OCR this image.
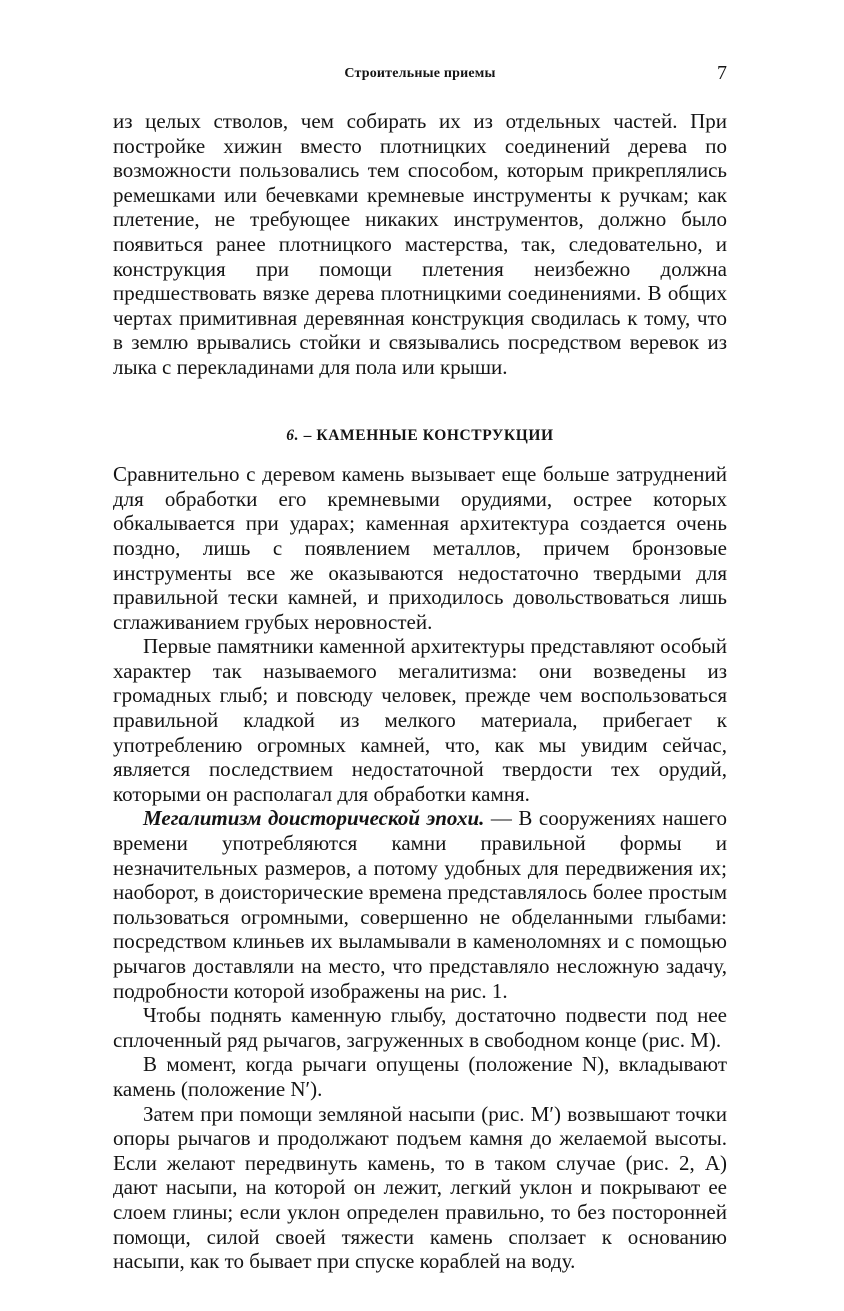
Строительные приемы	7

из целых стволов, чем собирать их из отдельных частей. При постройке хижин вместо плотницких соединений дерева по возможности пользовались тем способом, которым прикреплялись ремешками или бечевками кремневые инструменты к ручкам; как плетение, не требующее никаких инструментов, должно было появиться ранее плотницкого мастерства, так, следовательно, и конструкция при помощи плетения неизбежно должна предшествовать вязке дерева плотницкими соединениями. В общих чертах примитивная деревянная конструкция сводилась к тому, что в землю врывались стойки и связывались посредством веревок из лыка с перекладинами для пола или крыши.

6. – КАМЕННЫЕ КОНСТРУКЦИИ

Сравнительно с деревом камень вызывает еще больше затруднений для обработки его кремневыми орудиями, острее которых обкалывается при ударах; каменная архитектура создается очень поздно, лишь с появлением металлов, причем бронзовые инструменты все же оказываются недостаточно твердыми для правильной тески камней, и приходилось довольствоваться лишь сглаживанием грубых неровностей.

Первые памятники каменной архитектуры представляют особый характер так называемого мегалитизма: они возведены из громадных глыб; и повсюду человек, прежде чем воспользоваться правильной кладкой из мелкого материала, прибегает к употреблению огромных камней, что, как мы увидим сейчас, является последствием недостаточной твердости тех орудий, которыми он располагал для обработки камня.

Мегалитизм доисторической эпохи. — В сооружениях нашего времени употребляются камни правильной формы и незначительных размеров, а потому удобных для передвижения их; наоборот, в доисторические времена представлялось более простым пользоваться огромными, совершенно не обделанными глыбами: посредством клиньев их выламывали в каменоломнях и с помощью рычагов доставляли на место, что представляло несложную задачу, подробности которой изображены на рис. 1.

Чтобы поднять каменную глыбу, достаточно подвести под нее сплоченный ряд рычагов, загруженных в свободном конце (рис. M).

В момент, когда рычаги опущены (положение N), вкладывают камень (положение N′).

Затем при помощи земляной насыпи (рис. M′) возвышают точки опоры рычагов и продолжают подъем камня до желаемой высоты. Если желают передвинуть камень, то в таком случае (рис. 2, A) дают насыпи, на которой он лежит, легкий уклон и покрывают ее слоем глины; если уклон определен правильно, то без посторонней помощи, силой своей тяжести камень сползает к основанию насыпи, как то бывает при спуске кораблей на воду.
